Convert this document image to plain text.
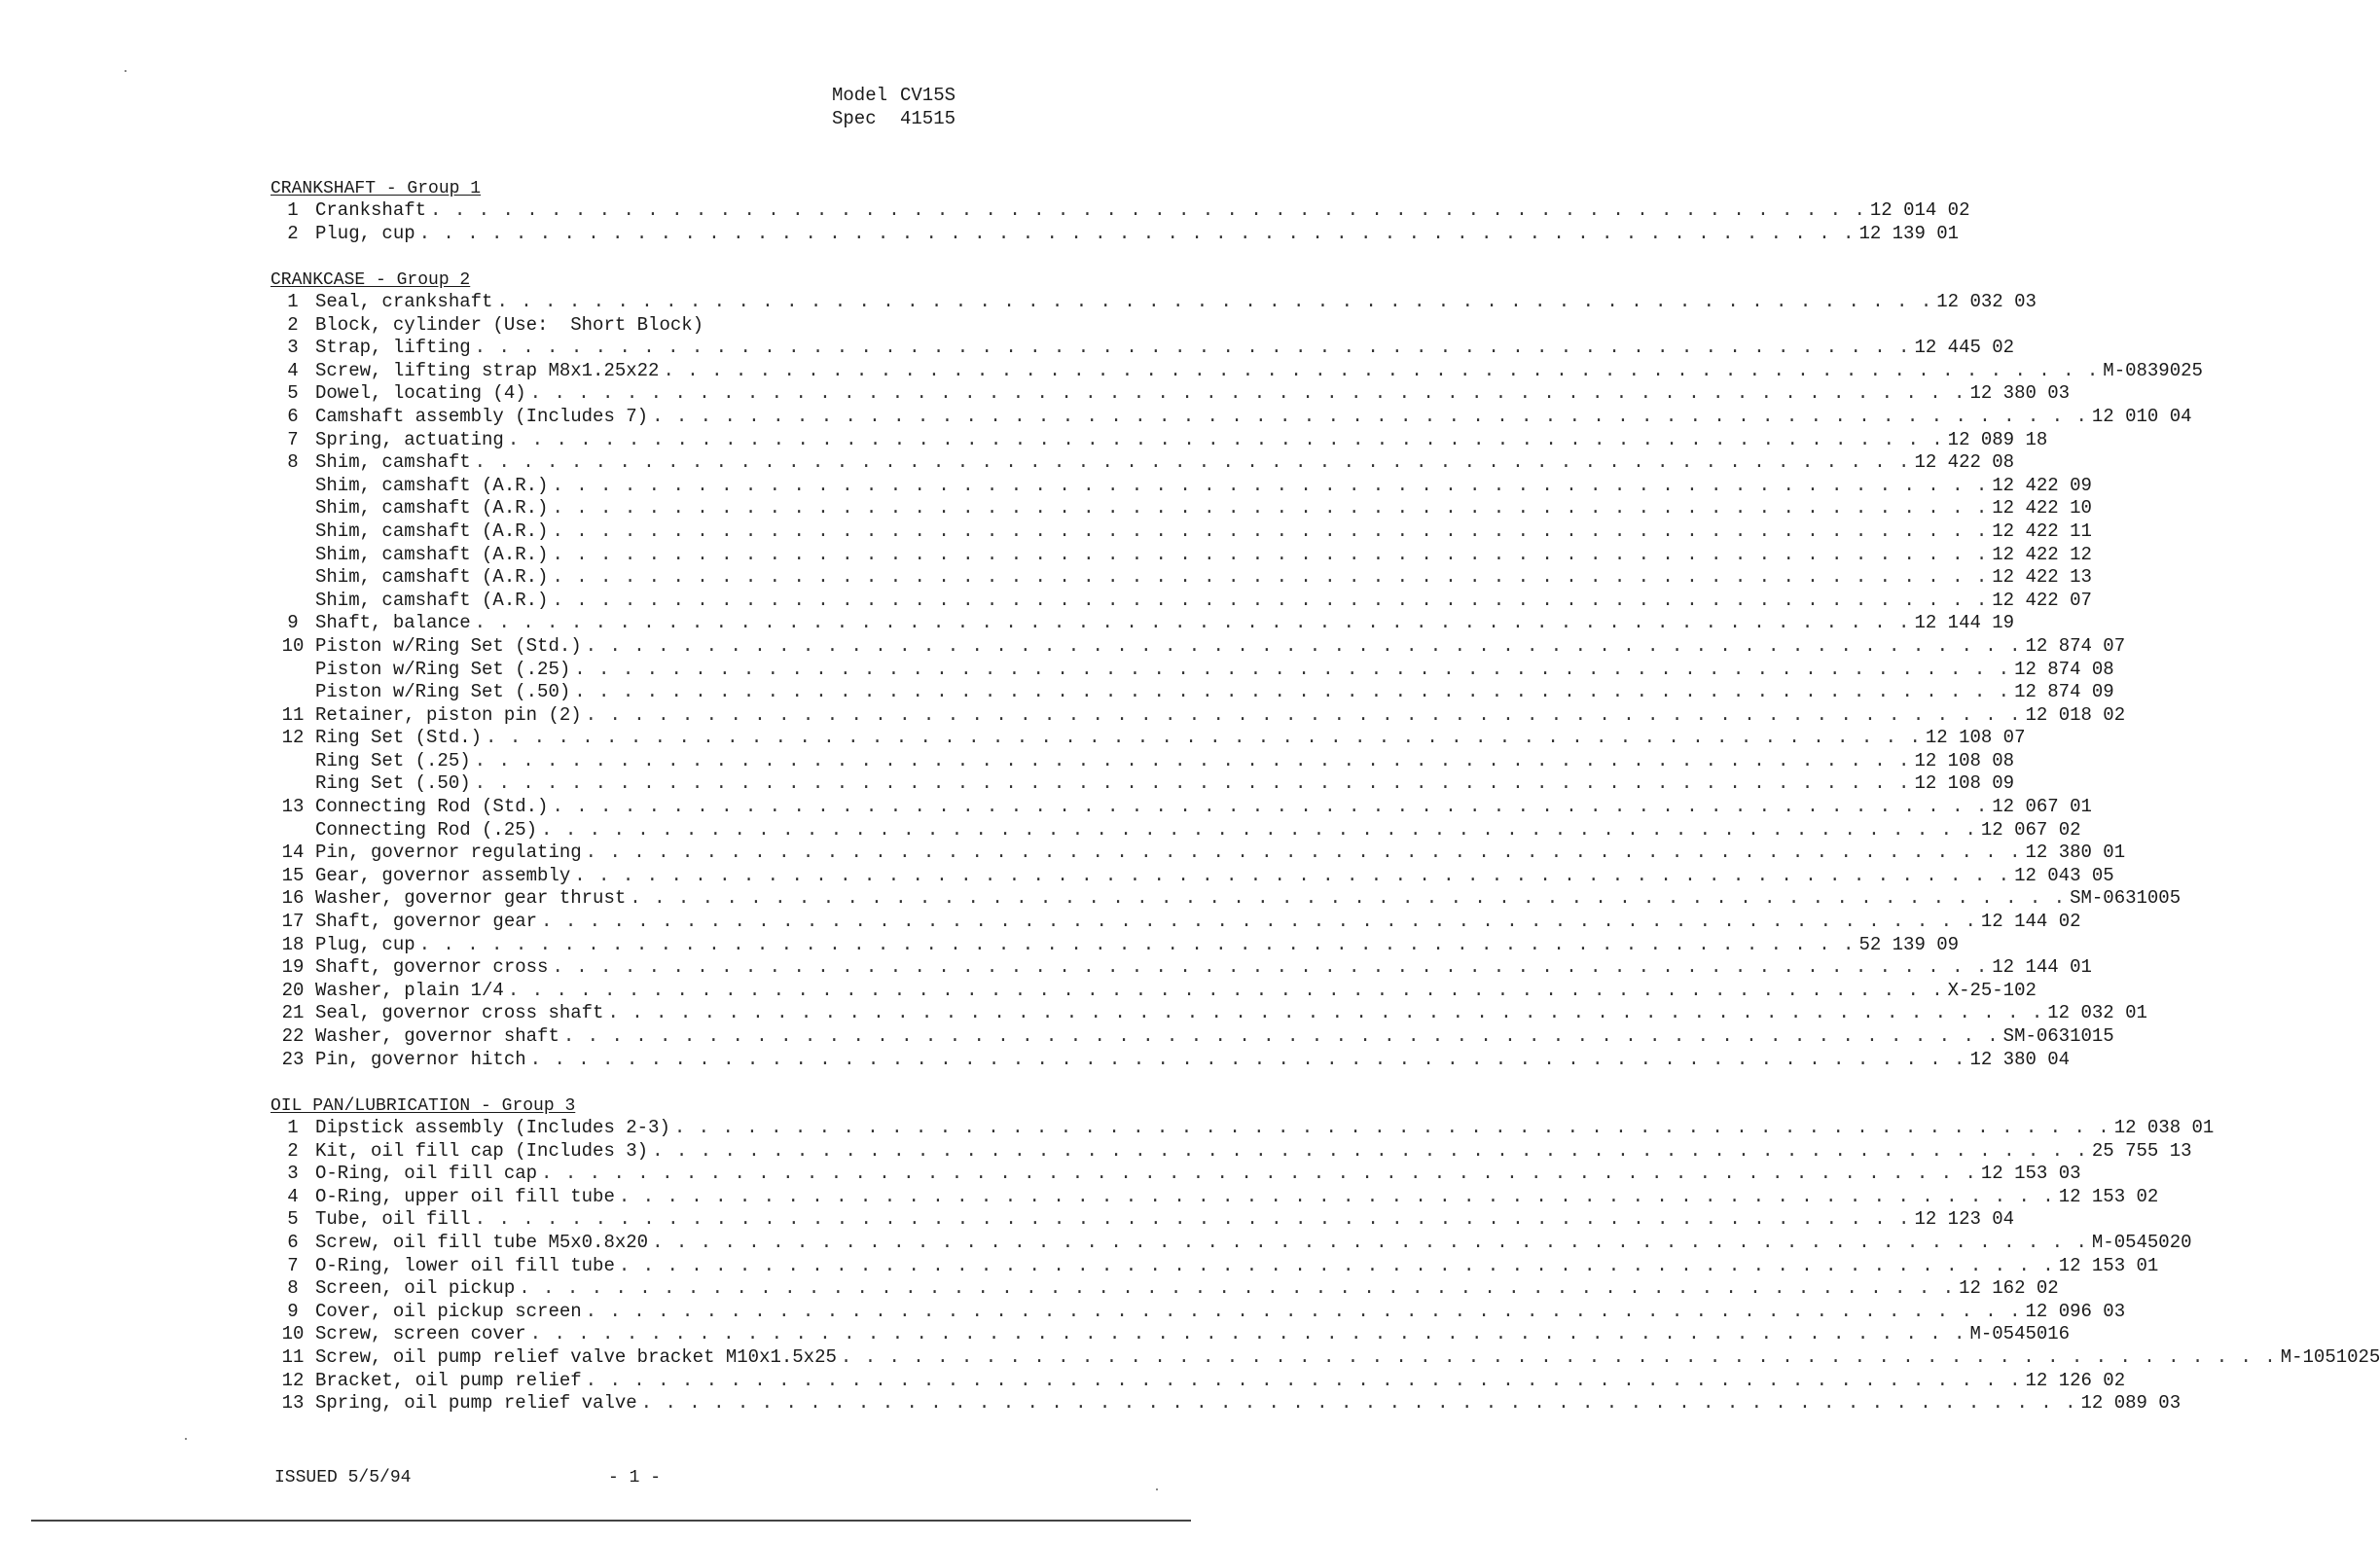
Model CV15S
Spec	41515
CRANKSHAFT - Group 1
1 Crankshaft . . . . . . . . . . . . . . . . . . . . . . . . . . . . . . . . . . . . . . . . . . . . . . . . . . . . . . . . . . . . 12 014 02
2 Plug, cup . . . . . . . . . . . . . . . . . . . . . . . . . . . . . . . . . . . . . . . . . . . . . . . . . . . . . . . . . . . . 12 139 01
CRANKCASE - Group 2
1 Seal, crankshaft . . . . . . . . . . . . . . . . . . . . . . . . . . . . . . . . . . . . . . . . . . . . . . . . . . . . . . . . . . . . 12 032 03
2 Block, cylinder (Use:  Short Block)
3 Strap, lifting . . . . . . . . . . . . . . . . . . . . . . . . . . . . . . . . . . . . . . . . . . . . . . . . . . . . . . . . . . . . 12 445 02
4 Screw, lifting strap M8x1.25x22 . . . . . . . . . . . . . . . . . . . . . . . . . . . . . . . . . . . . . . . . . . . . . . . . . . . . . . . . . . . . M-0839025
5 Dowel, locating (4) . . . . . . . . . . . . . . . . . . . . . . . . . . . . . . . . . . . . . . . . . . . . . . . . . . . . . . . . . . . . 12 380 03
6 Camshaft assembly (Includes 7) . . . . . . . . . . . . . . . . . . . . . . . . . . . . . . . . . . . . . . . . . . . . . . . . . . . . . . . . . . . . 12 010 04
7 Spring, actuating . . . . . . . . . . . . . . . . . . . . . . . . . . . . . . . . . . . . . . . . . . . . . . . . . . . . . . . . . . . . 12 089 18
8 Shim, camshaft . . . . . . . . . . . . . . . . . . . . . . . . . . . . . . . . . . . . . . . . . . . . . . . . . . . . . . . . . . . . 12 422 08
Shim, camshaft (A.R.) . . . . . . . . . . . . . . . . . . . . . . . . . . . . . . . . . . . . . . . . . . . . . . . . . . . . . . . . . . . . 12 422 09
Shim, camshaft (A.R.) . . . . . . . . . . . . . . . . . . . . . . . . . . . . . . . . . . . . . . . . . . . . . . . . . . . . . . . . . . . . 12 422 10
Shim, camshaft (A.R.) . . . . . . . . . . . . . . . . . . . . . . . . . . . . . . . . . . . . . . . . . . . . . . . . . . . . . . . . . . . . 12 422 11
Shim, camshaft (A.R.) . . . . . . . . . . . . . . . . . . . . . . . . . . . . . . . . . . . . . . . . . . . . . . . . . . . . . . . . . . . . 12 422 12
Shim, camshaft (A.R.) . . . . . . . . . . . . . . . . . . . . . . . . . . . . . . . . . . . . . . . . . . . . . . . . . . . . . . . . . . . . 12 422 13
Shim, camshaft (A.R.) . . . . . . . . . . . . . . . . . . . . . . . . . . . . . . . . . . . . . . . . . . . . . . . . . . . . . . . . . . . . 12 422 07
9 Shaft, balance . . . . . . . . . . . . . . . . . . . . . . . . . . . . . . . . . . . . . . . . . . . . . . . . . . . . . . . . . . . . 12 144 19
10 Piston w/Ring Set (Std.) . . . . . . . . . . . . . . . . . . . . . . . . . . . . . . . . . . . . . . . . . . . . . . . . . . . . . . . . . . . . 12 874 07
Piston w/Ring Set (.25) . . . . . . . . . . . . . . . . . . . . . . . . . . . . . . . . . . . . . . . . . . . . . . . . . . . . . . . . . . . . 12 874 08
Piston w/Ring Set (.50) . . . . . . . . . . . . . . . . . . . . . . . . . . . . . . . . . . . . . . . . . . . . . . . . . . . . . . . . . . . . 12 874 09
11 Retainer, piston pin (2) . . . . . . . . . . . . . . . . . . . . . . . . . . . . . . . . . . . . . . . . . . . . . . . . . . . . . . . . . . . . 12 018 02
12 Ring Set (Std.) . . . . . . . . . . . . . . . . . . . . . . . . . . . . . . . . . . . . . . . . . . . . . . . . . . . . . . . . . . . . 12 108 07
Ring Set (.25) . . . . . . . . . . . . . . . . . . . . . . . . . . . . . . . . . . . . . . . . . . . . . . . . . . . . . . . . . . . . 12 108 08
Ring Set (.50) . . . . . . . . . . . . . . . . . . . . . . . . . . . . . . . . . . . . . . . . . . . . . . . . . . . . . . . . . . . . 12 108 09
13 Connecting Rod (Std.) . . . . . . . . . . . . . . . . . . . . . . . . . . . . . . . . . . . . . . . . . . . . . . . . . . . . . . . . . . . . 12 067 01
Connecting Rod (.25) . . . . . . . . . . . . . . . . . . . . . . . . . . . . . . . . . . . . . . . . . . . . . . . . . . . . . . . . . . . . 12 067 02
14 Pin, governor regulating . . . . . . . . . . . . . . . . . . . . . . . . . . . . . . . . . . . . . . . . . . . . . . . . . . . . . . . . . . . . 12 380 01
15 Gear, governor assembly . . . . . . . . . . . . . . . . . . . . . . . . . . . . . . . . . . . . . . . . . . . . . . . . . . . . . . . . . . . . 12 043 05
16 Washer, governor gear thrust . . . . . . . . . . . . . . . . . . . . . . . . . . . . . . . . . . . . . . . . . . . . . . . . . . . . . . . . . . . . SM-0631005
17 Shaft, governor gear . . . . . . . . . . . . . . . . . . . . . . . . . . . . . . . . . . . . . . . . . . . . . . . . . . . . . . . . . . . . 12 144 02
18 Plug, cup . . . . . . . . . . . . . . . . . . . . . . . . . . . . . . . . . . . . . . . . . . . . . . . . . . . . . . . . . . . . 52 139 09
19 Shaft, governor cross . . . . . . . . . . . . . . . . . . . . . . . . . . . . . . . . . . . . . . . . . . . . . . . . . . . . . . . . . . . . 12 144 01
20 Washer, plain 1/4 . . . . . . . . . . . . . . . . . . . . . . . . . . . . . . . . . . . . . . . . . . . . . . . . . . . . . . . . . . . . X-25-102
21 Seal, governor cross shaft . . . . . . . . . . . . . . . . . . . . . . . . . . . . . . . . . . . . . . . . . . . . . . . . . . . . . . . . . . . . 12 032 01
22 Washer, governor shaft . . . . . . . . . . . . . . . . . . . . . . . . . . . . . . . . . . . . . . . . . . . . . . . . . . . . . . . . . . . . SM-0631015
23 Pin, governor hitch . . . . . . . . . . . . . . . . . . . . . . . . . . . . . . . . . . . . . . . . . . . . . . . . . . . . . . . . . . . . 12 380 04
OIL PAN/LUBRICATION - Group 3
1 Dipstick assembly (Includes 2-3) . . . . . . . . . . . . . . . . . . . . . . . . . . . . . . . . . . . . . . . . . . . . . . . . . . . . . . . . . . . . 12 038 01
2 Kit, oil fill cap (Includes 3) . . . . . . . . . . . . . . . . . . . . . . . . . . . . . . . . . . . . . . . . . . . . . . . . . . . . . . . . . . . . 25 755 13
3 O-Ring, oil fill cap . . . . . . . . . . . . . . . . . . . . . . . . . . . . . . . . . . . . . . . . . . . . . . . . . . . . . . . . . . . . 12 153 03
4 O-Ring, upper oil fill tube . . . . . . . . . . . . . . . . . . . . . . . . . . . . . . . . . . . . . . . . . . . . . . . . . . . . . . . . . . . . 12 153 02
5 Tube, oil fill . . . . . . . . . . . . . . . . . . . . . . . . . . . . . . . . . . . . . . . . . . . . . . . . . . . . . . . . . . . . 12 123 04
6 Screw, oil fill tube M5x0.8x20 . . . . . . . . . . . . . . . . . . . . . . . . . . . . . . . . . . . . . . . . . . . . . . . . . . . . . . . . . . . . M-0545020
7 O-Ring, lower oil fill tube . . . . . . . . . . . . . . . . . . . . . . . . . . . . . . . . . . . . . . . . . . . . . . . . . . . . . . . . . . . . 12 153 01
8 Screen, oil pickup . . . . . . . . . . . . . . . . . . . . . . . . . . . . . . . . . . . . . . . . . . . . . . . . . . . . . . . . . . . . 12 162 02
9 Cover, oil pickup screen . . . . . . . . . . . . . . . . . . . . . . . . . . . . . . . . . . . . . . . . . . . . . . . . . . . . . . . . . . . . 12 096 03
10 Screw, screen cover . . . . . . . . . . . . . . . . . . . . . . . . . . . . . . . . . . . . . . . . . . . . . . . . . . . . . . . . . . . . M-0545016
11 Screw, oil pump relief valve bracket M10x1.5x25 . . . . . . . . . . . . . . . . . . . . . . . . . . . . . . . . . . . . . . . . . . . . . . . . . . . . . . . . . . . . M-1051025
12 Bracket, oil pump relief . . . . . . . . . . . . . . . . . . . . . . . . . . . . . . . . . . . . . . . . . . . . . . . . . . . . . . . . . . . . 12 126 02
13 Spring, oil pump relief valve . . . . . . . . . . . . . . . . . . . . . . . . . . . . . . . . . . . . . . . . . . . . . . . . . . . . . . . . . . . . 12 089 03
ISSUED 5/5/94	- 1 -
